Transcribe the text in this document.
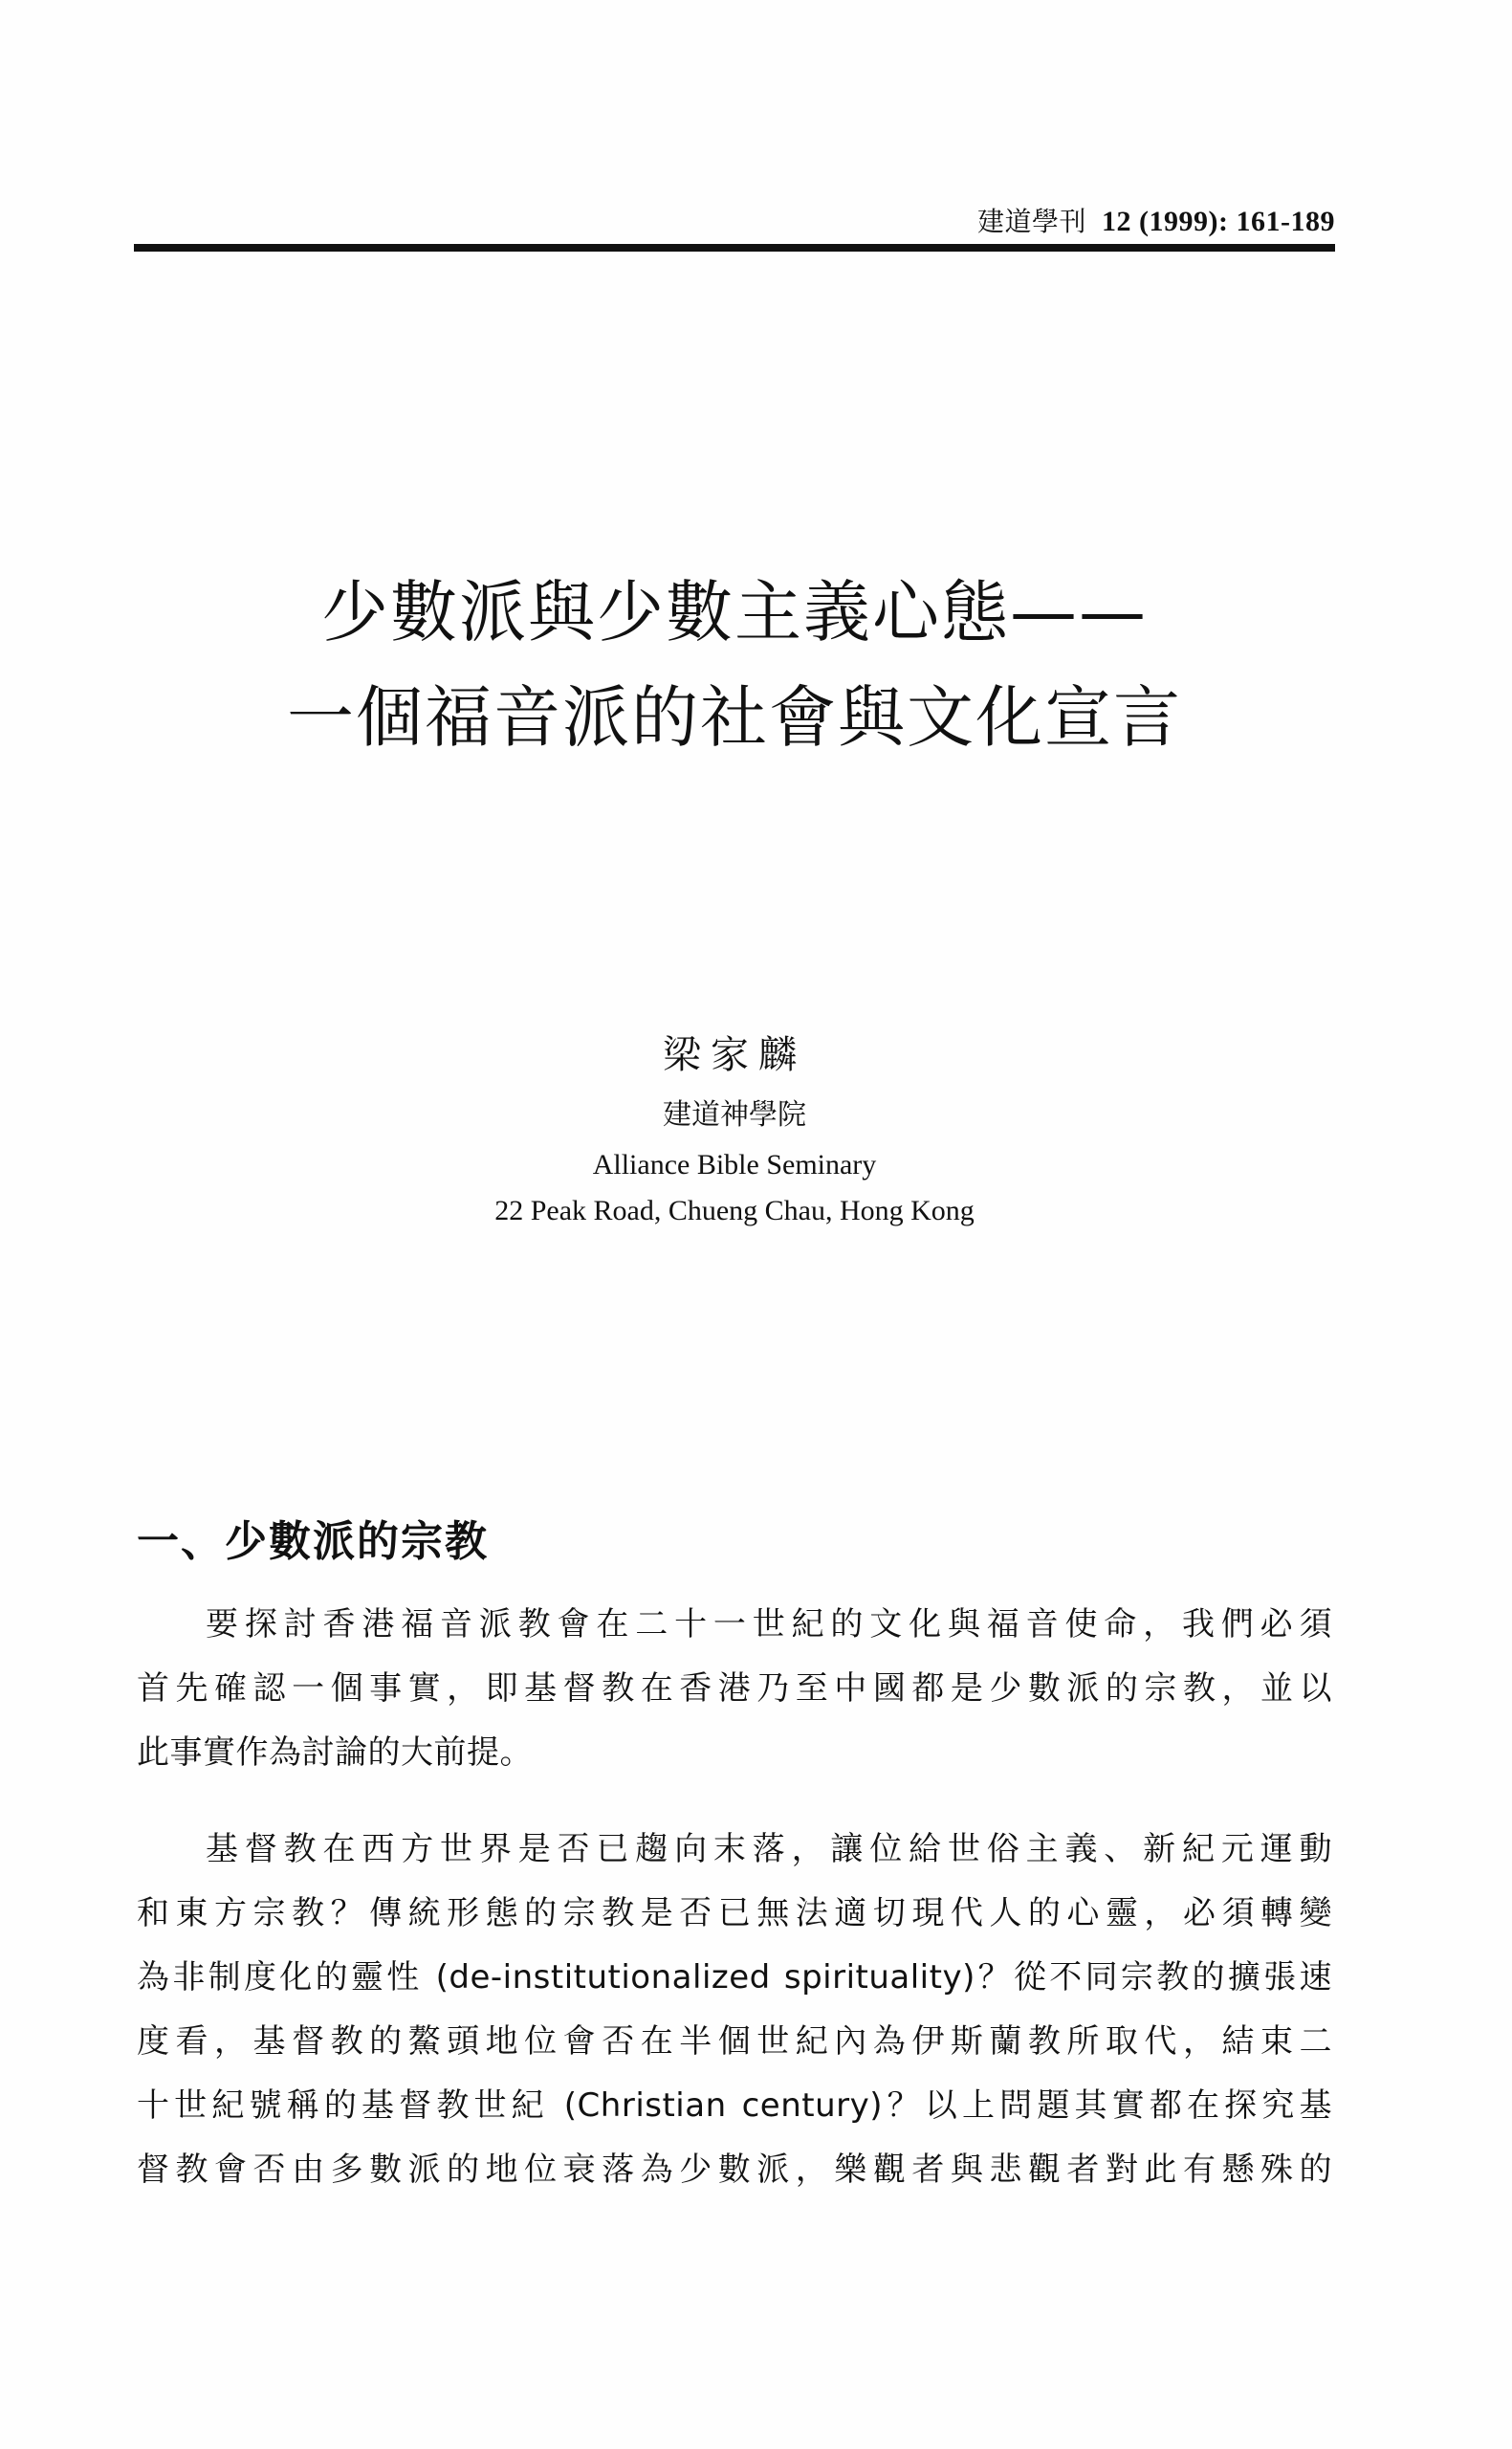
建道學刊 12 (1999): 161-189
少數派與少數主義心態——
一個福音派的社會與文化宣言
梁家麟
建道神學院
Alliance Bible Seminary
22 Peak Road, Chueng Chau, Hong Kong
一、少數派的宗教
要探討香港福音派教會在二十一世紀的文化與福音使命，我們必須
首先確認一個事實，即基督教在香港乃至中國都是少數派的宗教，並以
此事實作為討論的大前提。
基督教在西方世界是否已趨向末落，讓位給世俗主義、新紀元運動
和東方宗教？傳統形態的宗教是否已無法適切現代人的心靈，必須轉變
為非制度化的靈性 (de-institutionalized spirituality)？從不同宗教的擴張速
度看，基督教的鰲頭地位會否在半個世紀內為伊斯蘭教所取代，結束二
十世紀號稱的基督教世紀 (Christian century)？以上問題其實都在探究基
督教會否由多數派的地位衰落為少數派，樂觀者與悲觀者對此有懸殊的
